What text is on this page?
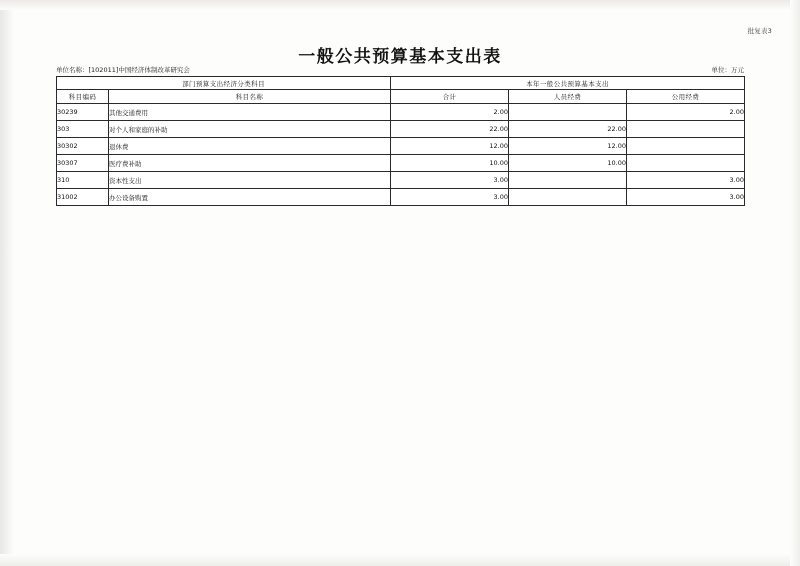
批复表3
一般公共预算基本支出表
单位名称：[102011]中国经济体制改革研究会	单位：万元
部门预算支出经济分类科目		本年一般公共预算基本支出		
科目编码	科目名称	合计	人员经费	公用经费
30239	其他交通费用	2.00		2.00
303	对个人和家庭的补助	22.00	22.00	
30302	退休费	12.00	12.00	
30307	医疗费补助	10.00	10.00	
310	资本性支出	3.00		3.00
31002	办公设备购置	3.00		3.00
